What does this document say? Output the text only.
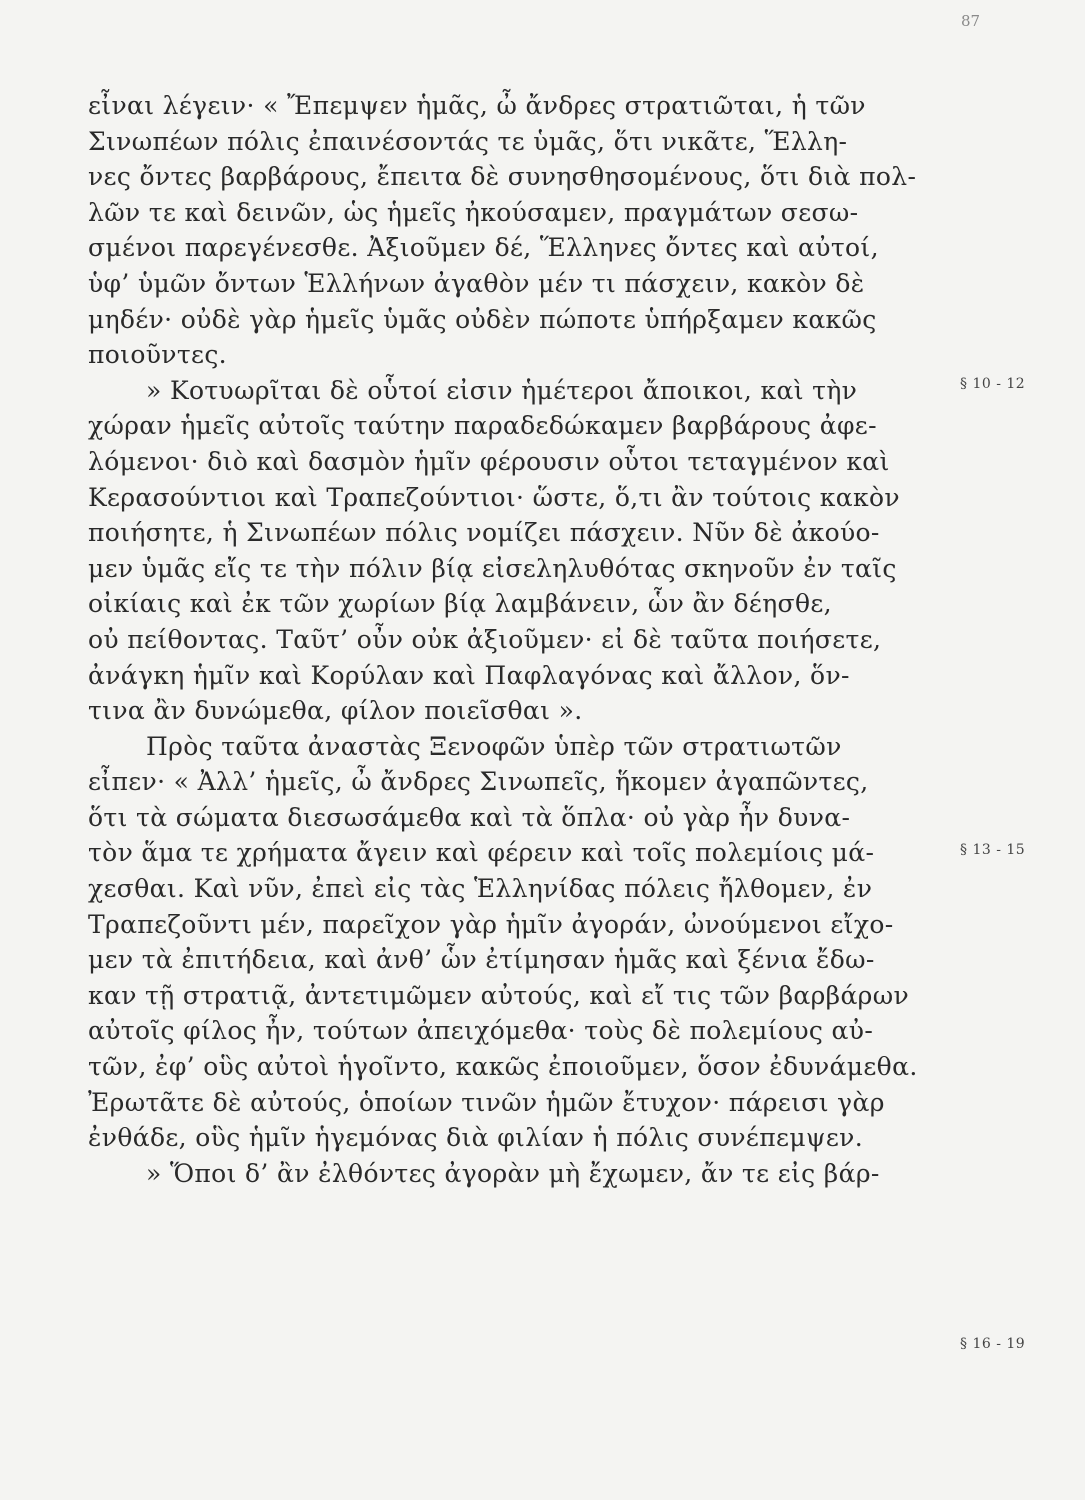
87
εἶναι λέγειν· « Ἔπεμψεν ἡμᾶς, ὦ ἄνδρες στρατιῶται, ἡ τῶν
Σινωπέων πόλις ἐπαινέσοντάς τε ὑμᾶς, ὅτι νικᾶτε, Ἕλλη-
νες ὄντες βαρβάρους, ἔπειτα δὲ συνησθησομένους, ὅτι διὰ πολ-
λῶν τε καὶ δεινῶν, ὡς ἡμεῖς ἠκούσαμεν, πραγμάτων σεσω-
σμένοι παρεγένεσθε. Ἀξιοῦμεν δέ, Ἕλληνες ὄντες καὶ αὐτοί,
ὑφ’ ὑμῶν ὄντων Ἑλλήνων ἀγαθὸν μέν τι πάσχειν, κακὸν δὲ
μηδέν· οὐδὲ γὰρ ἡμεῖς ὑμᾶς οὐδὲν πώποτε ὑπήρξαμεν κακῶς
ποιοῦντες.
» Κοτυωρῖται δὲ οὗτοί εἰσιν ἡμέτεροι ἄποικοι, καὶ τὴν
χώραν ἡμεῖς αὐτοῖς ταύτην παραδεδώκαμεν βαρβάρους ἀφε-
λόμενοι· διὸ καὶ δασμὸν ἡμῖν φέρουσιν οὗτοι τεταγμένον καὶ
Κερασούντιοι καὶ Τραπεζούντιοι· ὥστε, ὅ,τι ἂν τούτοις κακὸν
ποιήσητε, ἡ Σινωπέων πόλις νομίζει πάσχειν. Νῦν δὲ ἀκούο-
μεν ὑμᾶς εἴς τε τὴν πόλιν βίᾳ εἰσεληλυθότας σκηνοῦν ἐν ταῖς
οἰκίαις καὶ ἐκ τῶν χωρίων βίᾳ λαμβάνειν, ὧν ἂν δέησθε,
οὐ πείθοντας. Ταῦτ’ οὖν οὐκ ἀξιοῦμεν· εἰ δὲ ταῦτα ποιήσετε,
ἀνάγκη ἡμῖν καὶ Κορύλαν καὶ Παφλαγόνας καὶ ἄλλον, ὅν-
τινα ἂν δυνώμεθα, φίλον ποιεῖσθαι ».
Πρὸς ταῦτα ἀναστὰς Ξενοφῶν ὑπὲρ τῶν στρατιωτῶν
εἶπεν· « Ἀλλ’ ἡμεῖς, ὦ ἄνδρες Σινωπεῖς, ἥκομεν ἀγαπῶντες,
ὅτι τὰ σώματα διεσωσάμεθα καὶ τὰ ὅπλα· οὐ γὰρ ἦν δυνα-
τὸν ἅμα τε χρήματα ἄγειν καὶ φέρειν καὶ τοῖς πολεμίοις μά-
χεσθαι. Καὶ νῦν, ἐπεὶ εἰς τὰς Ἑλληνίδας πόλεις ἤλθομεν, ἐν
Τραπεζοῦντι μέν, παρεῖχον γὰρ ἡμῖν ἀγοράν, ὠνούμενοι εἴχο-
μεν τὰ ἐπιτήδεια, καὶ ἀνθ’ ὧν ἐτίμησαν ἡμᾶς καὶ ξένια ἔδω-
καν τῇ στρατιᾷ, ἀντετιμῶμεν αὐτούς, καὶ εἴ τις τῶν βαρβάρων
αὐτοῖς φίλος ἦν, τούτων ἀπειχόμεθα· τοὺς δὲ πολεμίους αὐ-
τῶν, ἐφ’ οὓς αὐτοὶ ἡγοῖντο, κακῶς ἐποιοῦμεν, ὅσον ἐδυνάμεθα.
Ἐρωτᾶτε δὲ αὐτούς, ὁποίων τινῶν ἡμῶν ἔτυχον· πάρεισι γὰρ
ἐνθάδε, οὓς ἡμῖν ἡγεμόνας διὰ φιλίαν ἡ πόλις συνέπεμψεν.
» Ὅποι δ’ ἂν ἐλθόντες ἀγορὰν μὴ ἔχωμεν, ἄν τε εἰς βάρ-
§ 10 - 12
§ 13 - 15
§ 16 - 19
